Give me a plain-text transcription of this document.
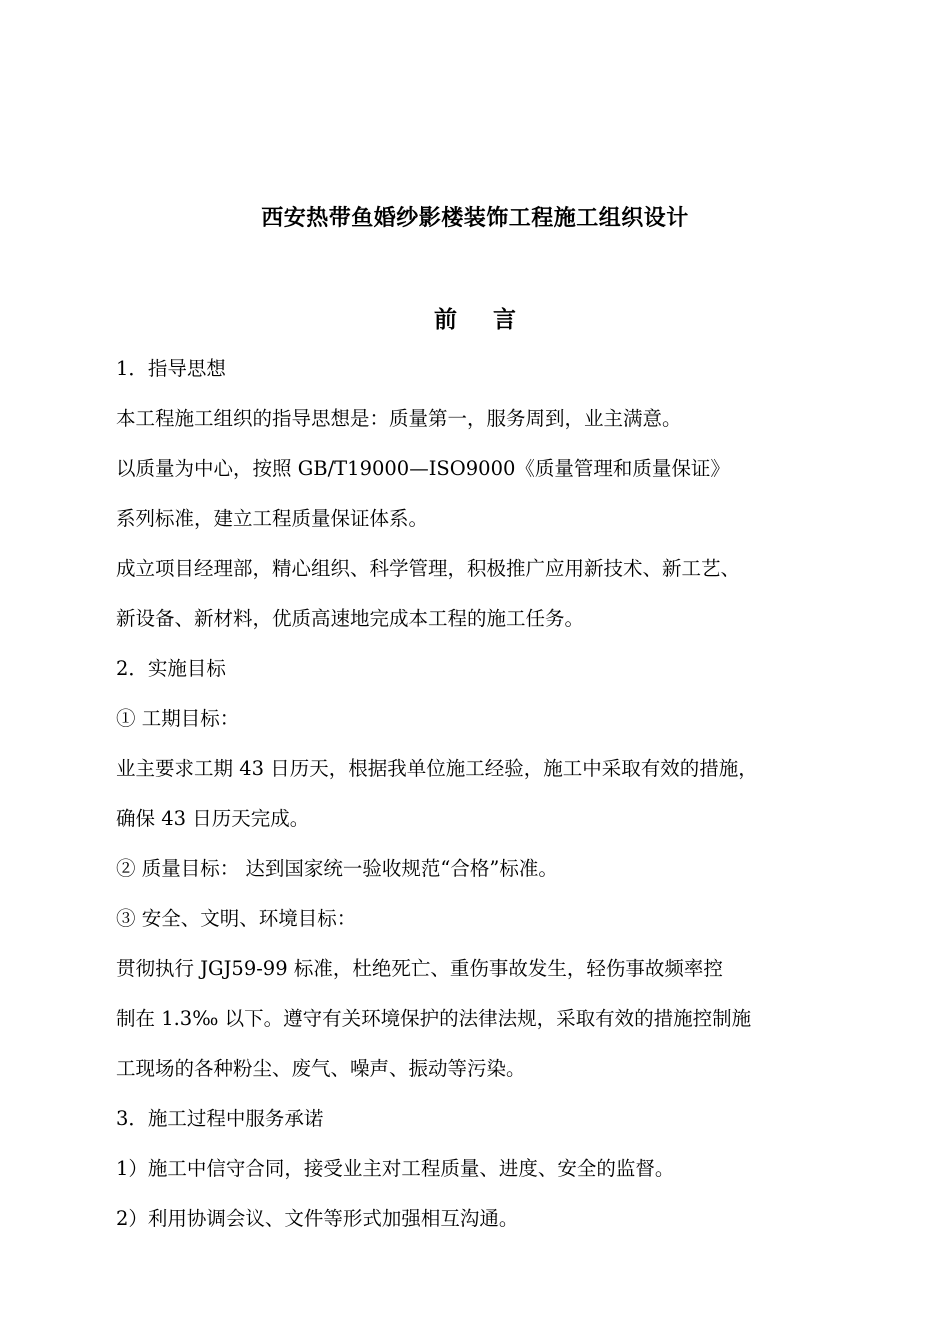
西安热带鱼婚纱影楼装饰工程施工组织设计
前 言
1．指导思想
本工程施工组织的指导思想是：质量第一，服务周到，业主满意。
以质量为中心，按照 GB/T19000—ISO9000《质量管理和质量保证》
系列标准，建立工程质量保证体系。
成立项目经理部，精心组织、科学管理，积极推广应用新技术、新工艺、
新设备、新材料，优质高速地完成本工程的施工任务。
2．实施目标
① 工期目标：
业主要求工期 43 日历天，根据我单位施工经验，施工中采取有效的措施，
确保 43 日历天完成。
② 质量目标： 达到国家统一验收规范“合格”标准。
③ 安全、文明、环境目标：
贯彻执行 JGJ59-99 标准，杜绝死亡、重伤事故发生，轻伤事故频率控
制在 1.3‰ 以下。遵守有关环境保护的法律法规，采取有效的措施控制施
工现场的各种粉尘、废气、噪声、振动等污染。
3．施工过程中服务承诺
1）施工中信守合同，接受业主对工程质量、进度、安全的监督。
2）利用协调会议、文件等形式加强相互沟通。
